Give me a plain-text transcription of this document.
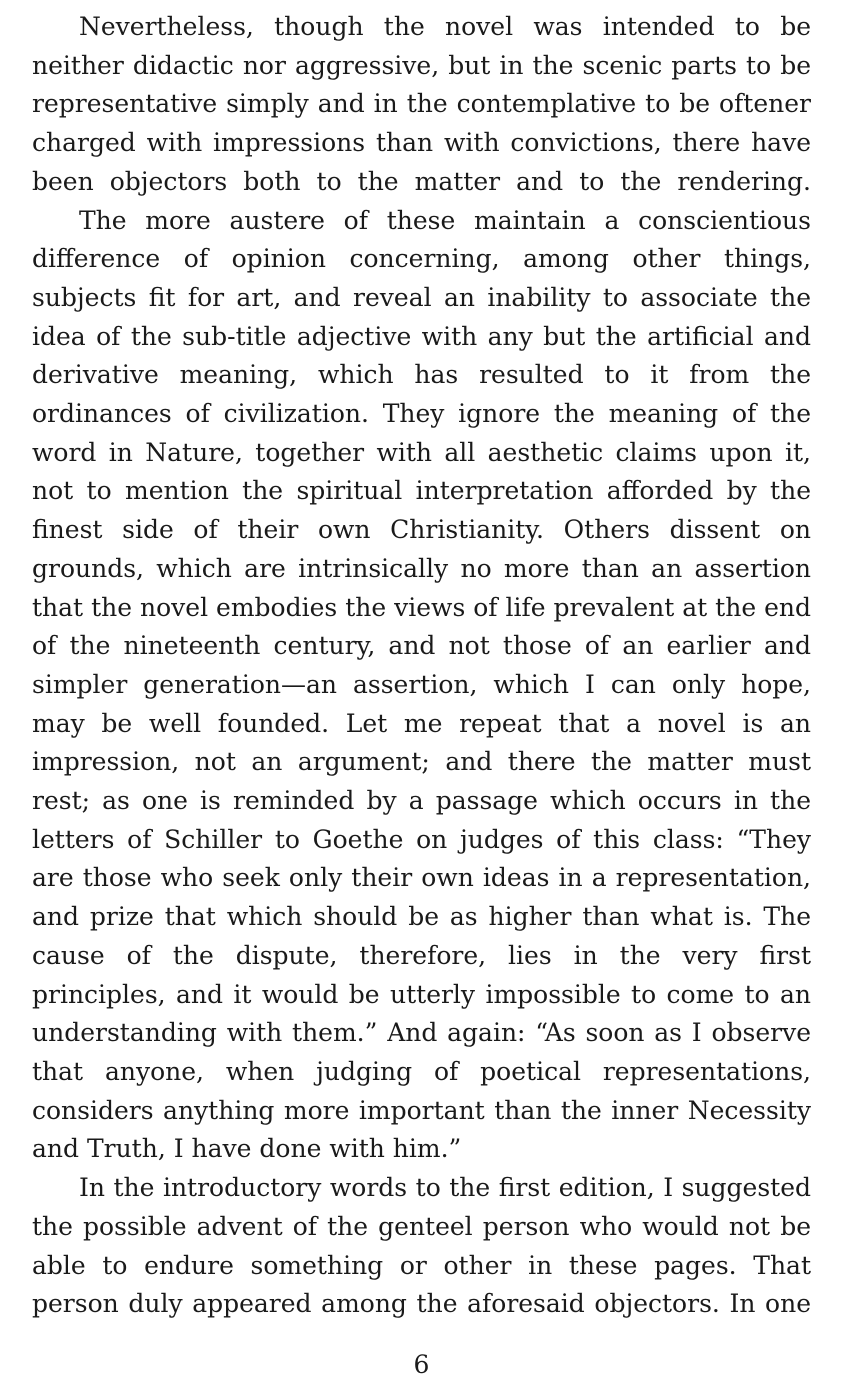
Nevertheless, though the novel was intended to be neither didactic nor aggressive, but in the scenic parts to be representative simply and in the contemplative to be oftener charged with impressions than with convictions, there have been objectors both to the matter and to the rendering.

The more austere of these maintain a conscientious difference of opinion concerning, among other things, subjects fit for art, and reveal an inability to associate the idea of the sub-title adjective with any but the artificial and derivative meaning, which has resulted to it from the ordinances of civilization. They ignore the meaning of the word in Nature, together with all aesthetic claims upon it, not to mention the spiritual interpretation afforded by the finest side of their own Christianity. Others dissent on grounds, which are intrinsically no more than an assertion that the novel embodies the views of life prevalent at the end of the nineteenth century, and not those of an earlier and simpler generation—an assertion, which I can only hope, may be well founded. Let me repeat that a novel is an impression, not an argument; and there the matter must rest; as one is reminded by a passage which occurs in the letters of Schiller to Goethe on judges of this class: “They are those who seek only their own ideas in a representation, and prize that which should be as higher than what is. The cause of the dispute, therefore, lies in the very first principles, and it would be utterly impossible to come to an understanding with them.” And again: “As soon as I observe that anyone, when judging of poetical representations, considers anything more important than the inner Necessity and Truth, I have done with him.”

In the introductory words to the first edition, I suggested the possible advent of the genteel person who would not be able to endure something or other in these pages. That person duly appeared among the aforesaid objectors. In one

6
